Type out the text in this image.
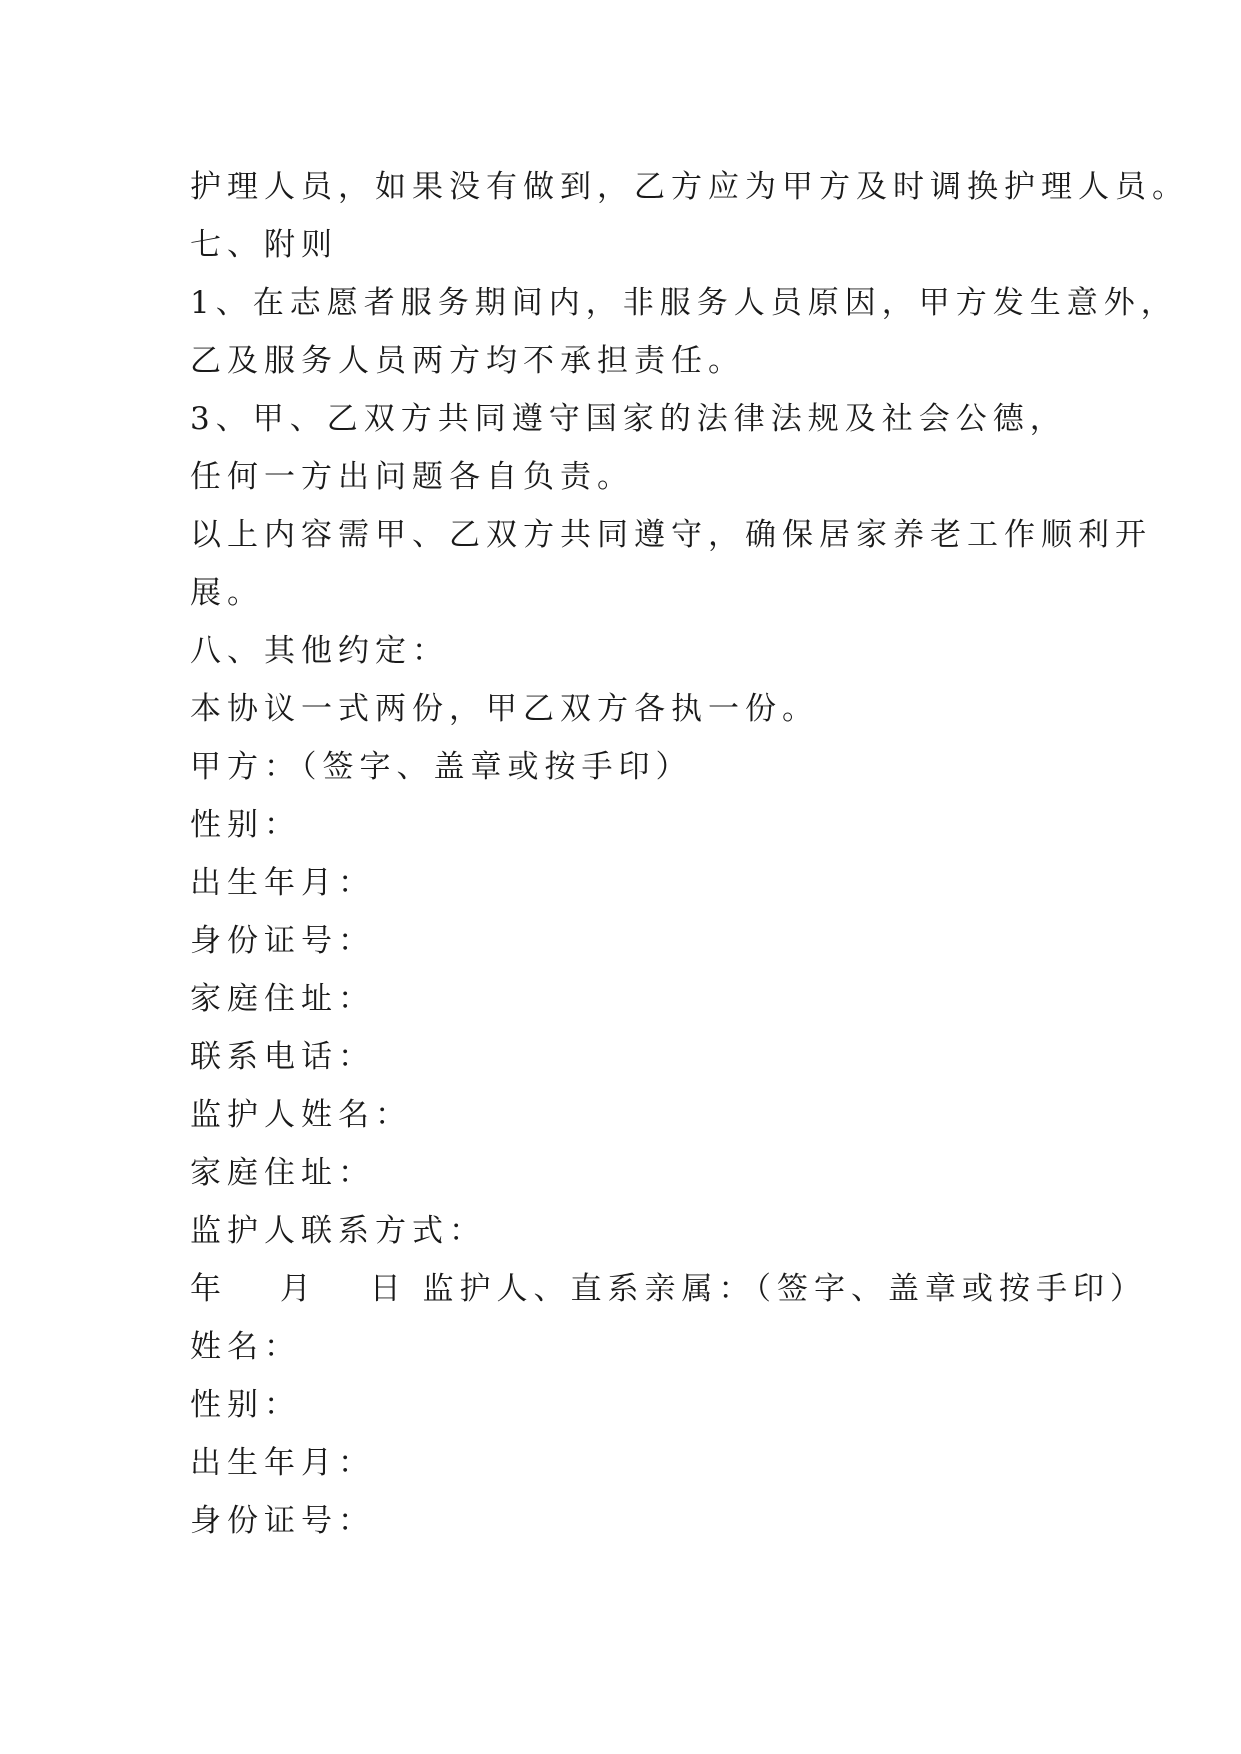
护理人员，如果没有做到，乙方应为甲方及时调换护理人员。
七、附则
1、在志愿者服务期间内，非服务人员原因，甲方发生意外，
乙及服务人员两方均不承担责任。
3、甲、乙双方共同遵守国家的法律法规及社会公德，
任何一方出问题各自负责。
以上内容需甲、乙双方共同遵守，确保居家养老工作顺利开
展。
八、其他约定：
本协议一式两份，甲乙双方各执一份。
甲方：（签字、盖章或按手印）
性别：
出生年月：
身份证号：
家庭住址：
联系电话：
监护人姓名：
家庭住址：
监护人联系方式：
年　 月　 日 监护人、直系亲属：（签字、盖章或按手印）
姓名：
性别：
出生年月：
身份证号：
